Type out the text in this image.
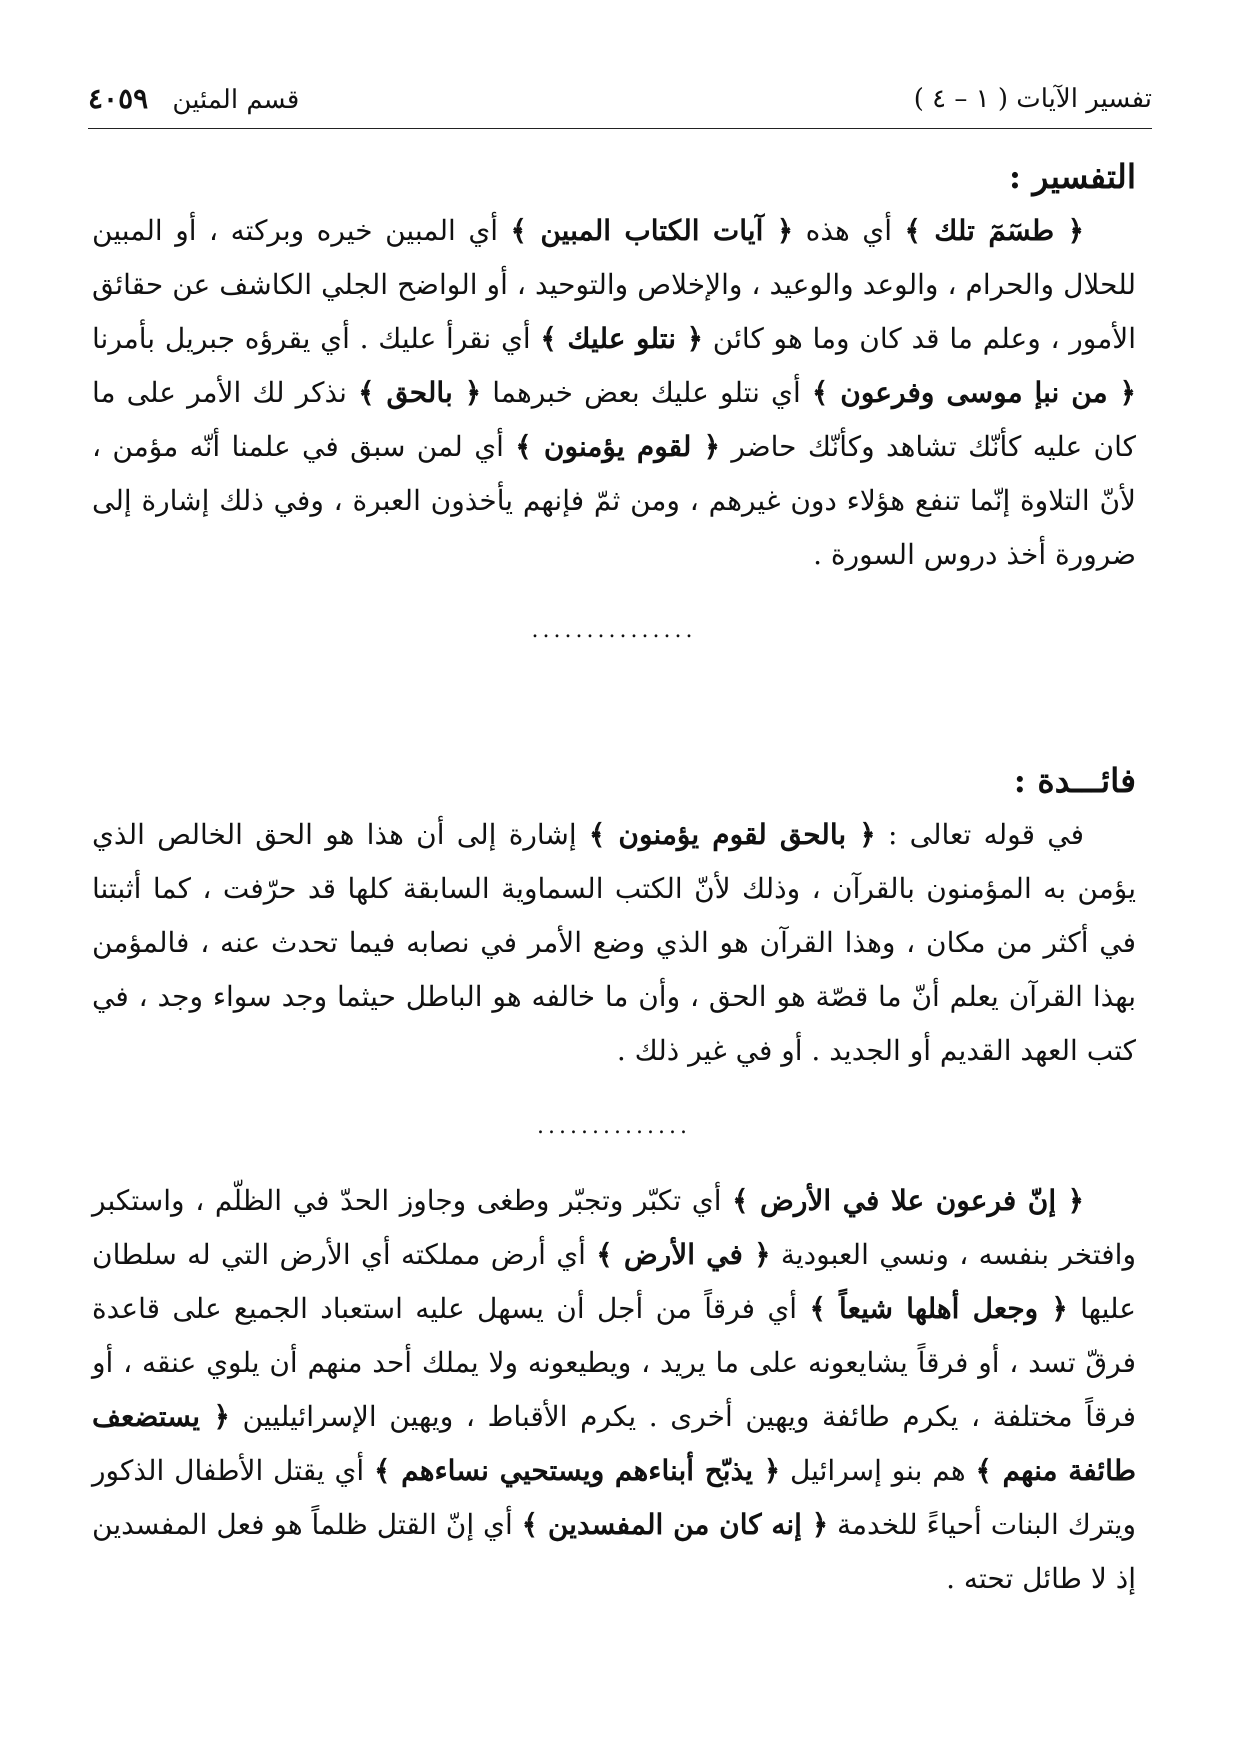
تفسير الآيات ( ١ – ٤ )
قسم المئين ٤٠٥٩
التفسير :

﴿ طسٓمٓ تلك ﴾ أي هذه ﴿ آيات الكتاب المبين ﴾ أي المبين خيره وبركته ، أو المبين للحلال والحرام ، والوعد والوعيد ، والإخلاص والتوحيد ، أو الواضح الجلي الكاشف عن حقائق الأمور ، وعلم ما قد كان وما هو كائن ﴿ نتلو عليك ﴾ أي نقرأ عليك . أي يقرؤه جبريل بأمرنا ﴿ من نبإ موسى وفرعون ﴾ أي نتلو عليك بعض خبرهما ﴿ بالحق ﴾ نذكر لك الأمر على ما كان عليه كأنّك تشاهد وكأنّك حاضر ﴿ لقوم يؤمنون ﴾ أي لمن سبق في علمنا أنّه مؤمن ، لأنّ التلاوة إنّما تنفع هؤلاء دون غيرهم ، ومن ثمّ فإنهم يأخذون العبرة ، وفي ذلك إشارة إلى ضرورة أخذ دروس السورة .

...............
فائـــدة :

في قوله تعالى : ﴿ بالحق لقوم يؤمنون ﴾ إشارة إلى أن هذا هو الحق الخالص الذي يؤمن به المؤمنون بالقرآن ، وذلك لأنّ الكتب السماوية السابقة كلها قد حرّفت ، كما أثبتنا في أكثر من مكان ، وهذا القرآن هو الذي وضع الأمر في نصابه فيما تحدث عنه ، فالمؤمن بهذا القرآن يعلم أنّ ما قصّة هو الحق ، وأن ما خالفه هو الباطل حيثما وجد سواء وجد ، في كتب العهد القديم أو الجديد . أو في غير ذلك .

..............

﴿ إنّ فرعون علا في الأرض ﴾ أي تكبّر وتجبّر وطغى وجاوز الحدّ في الظلّم ، واستكبر وافتخر بنفسه ، ونسي العبودية ﴿ في الأرض ﴾ أي أرض مملكته أي الأرض التي له سلطان عليها ﴿ وجعل أهلها شيعاً ﴾ أي فرقاً من أجل أن يسهل عليه استعباد الجميع على قاعدة فرقّ تسد ، أو فرقاً يشايعونه على ما يريد ، ويطيعونه ولا يملك أحد منهم أن يلوي عنقه ، أو فرقاً مختلفة ، يكرم طائفة ويهين أخرى . يكرم الأقباط ، ويهين الإسرائيليين ﴿ يستضعف طائفة منهم ﴾ هم بنو إسرائيل ﴿ يذبّح أبناءهم ويستحيي نساءهم ﴾ أي يقتل الأطفال الذكور ويترك البنات أحياءً للخدمة ﴿ إنه كان من المفسدين ﴾ أي إنّ القتل ظلماً هو فعل المفسدين إذ لا طائل تحته .
